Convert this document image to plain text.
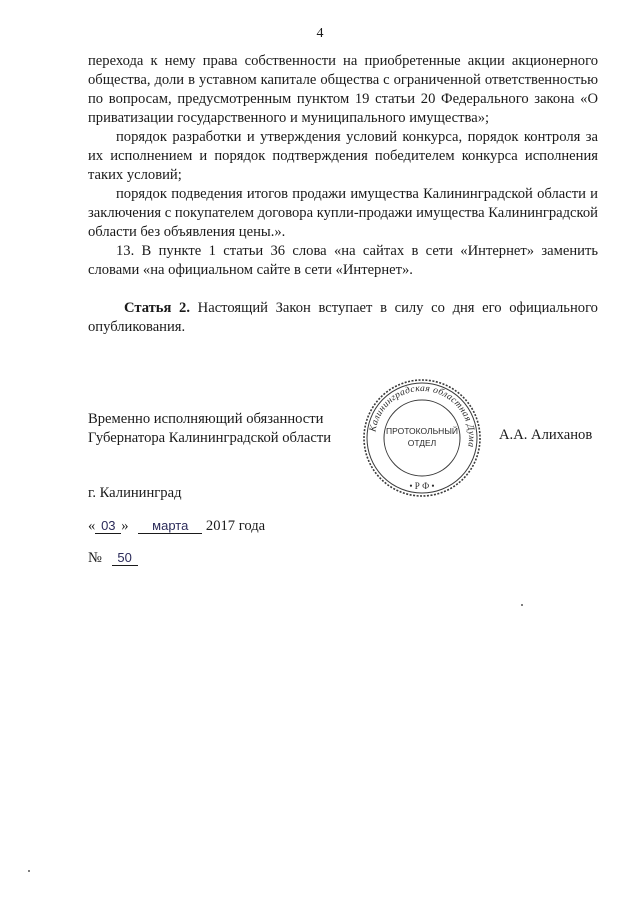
4

перехода к нему права собственности на приобретенные акции акционерного общества, доли в уставном капитале общества с ограниченной ответственностью по вопросам, предусмотренным пунктом 19 статьи 20 Федерального закона «О приватизации государственного и муниципального имущества»;

порядок разработки и утверждения условий конкурса, порядок контроля за их исполнением и порядок подтверждения победителем конкурса исполнения таких условий;

порядок подведения итогов продажи имущества Калининградской области и заключения с покупателем договора купли-продажи имущества Калининградской области без объявления цены.».

13. В пункте 1 статьи 36 слова «на сайтах в сети «Интернет» заменить словами «на официальном сайте в сети «Интернет».

Статья 2. Настоящий Закон вступает в силу со дня его официального опубликования.

Временно исполняющий обязанности
Губернатора Калининградской области
Калининградская областная Дума
ПРОТОКОЛЬНЫЙ
ОТДЕЛ
• Р Ф •
А.А. Алиханов
г. Калининград
« 03 » марта 2017 года
№ 50
